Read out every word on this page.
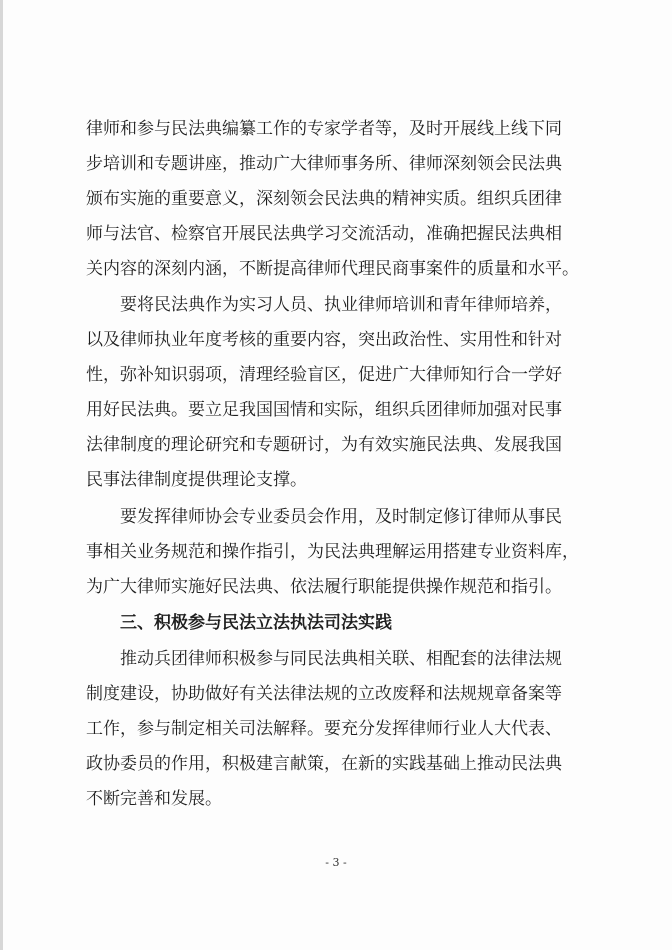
律师和参与民法典编纂工作的专家学者等，及时开展线上线下同
步培训和专题讲座，推动广大律师事务所、律师深刻领会民法典
颁布实施的重要意义，深刻领会民法典的精神实质。组织兵团律
师与法官、检察官开展民法典学习交流活动，准确把握民法典相
关内容的深刻内涵，不断提高律师代理民商事案件的质量和水平。
要将民法典作为实习人员、执业律师培训和青年律师培养，
以及律师执业年度考核的重要内容，突出政治性、实用性和针对
性，弥补知识弱项，清理经验盲区，促进广大律师知行合一学好
用好民法典。要立足我国国情和实际，组织兵团律师加强对民事
法律制度的理论研究和专题研讨，为有效实施民法典、发展我国
民事法律制度提供理论支撑。
要发挥律师协会专业委员会作用，及时制定修订律师从事民
事相关业务规范和操作指引，为民法典理解运用搭建专业资料库，
为广大律师实施好民法典、依法履行职能提供操作规范和指引。
三、积极参与民法立法执法司法实践
推动兵团律师积极参与同民法典相关联、相配套的法律法规
制度建设，协助做好有关法律法规的立改废释和法规规章备案等
工作，参与制定相关司法解释。要充分发挥律师行业人大代表、
政协委员的作用，积极建言献策，在新的实践基础上推动民法典
不断完善和发展。
- 3 -
